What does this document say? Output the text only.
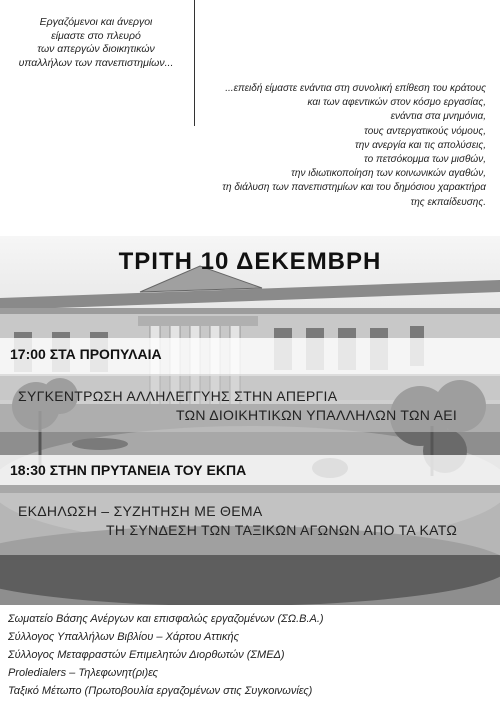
Εργαζόμενοι και άνεργοι
είμαστε στο πλευρό
των απεργών διοικητικών
υπαλλήλων των πανεπιστημίων...
...επειδή είμαστε ενάντια στη συνολική επίθεση του κράτους
και των αφεντικών στον κόσμο εργασίας,
ενάντια στα μνημόνια,
τους αντεργατικούς νόμους,
την ανεργία και τις απολύσεις,
το πετσόκομμα των μισθών,
την ιδιωτικοποίηση των κοινωνικών αγαθών,
τη διάλυση των πανεπιστημίων και του δημόσιου χαρακτήρα
της εκπαίδευσης.
ΤΡΙΤΗ 10 ΔΕΚΕΜΒΡΗ
17:00 ΣΤΑ ΠΡΟΠΥΛΑΙΑ
ΣΥΓΚΕΝΤΡΩΣΗ ΑΛΛΗΛΕΓΓΥΗΣ ΣΤΗΝ ΑΠΕΡΓΙΑ
ΤΩΝ ΔΙΟΙΚΗΤΙΚΩΝ ΥΠΑΛΛΗΛΩΝ ΤΩΝ ΑΕΙ
18:30 ΣΤΗΝ ΠΡΥΤΑΝΕΙΑ ΤΟΥ ΕΚΠΑ
ΕΚΔΗΛΩΣΗ – ΣΥΖΗΤΗΣΗ ΜΕ ΘΕΜΑ
ΤΗ ΣΥΝΔΕΣΗ ΤΩΝ ΤΑΞΙΚΩΝ ΑΓΩΝΩΝ ΑΠΟ ΤΑ ΚΑΤΩ
Σωματείο Βάσης Ανέργων και επισφαλώς εργαζομένων (ΣΩ.Β.Α.)
Σύλλογος Υπαλλήλων Βιβλίου – Χάρτου Αττικής
Σύλλογος Μεταφραστών Επιμελητών Διορθωτών (ΣΜΕΔ)
Proledialers – Τηλεφωνητ(ρι)ες
Ταξικό Μέτωπο (Πρωτοβουλία εργαζομένων στις Συγκοινωνίες)
